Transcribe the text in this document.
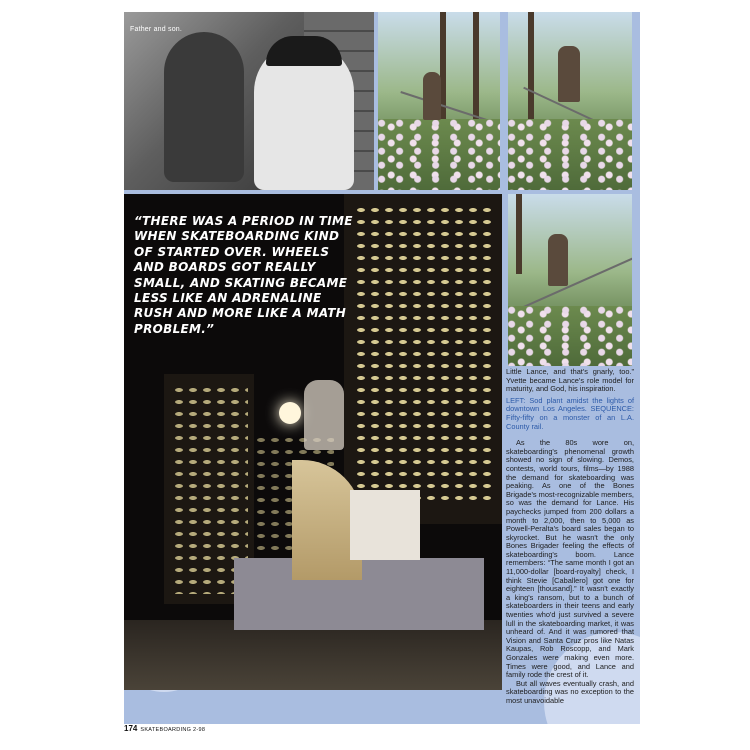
Father and son.
“THERE WAS A PERIOD IN TIME WHEN SKATEBOARDING KIND OF STARTED OVER. WHEELS AND BOARDS GOT REALLY SMALL, AND SKATING BECAME LESS LIKE AN ADRENALINE RUSH AND MORE LIKE A MATH PROBLEM.”

Little Lance, and that's gnarly, too.” Yvette became Lance's role model for maturity, and God, his inspiration.

LEFT: Sod plant amidst the lights of downtown Los Angeles. SEQUENCE: Fifty-fifty on a monster of an L.A. County rail.

As the 80s wore on, skateboarding's phenomenal growth showed no sign of slowing. Demos, contests, world tours, films—by 1988 the demand for skateboarding was peaking. As one of the Bones Brigade's most-recognizable members, so was the demand for Lance. His paychecks jumped from 200 dollars a month to 2,000, then to 5,000 as Powell-Peralta's board sales began to skyrocket. But he wasn't the only Bones Brigader feeling the effects of skateboarding's boom. Lance remembers: “The same month I got an 11,000-dollar [board-royalty] check, I think Stevie [Caballero] got one for eighteen [thousand].” It wasn't exactly a king's ransom, but to a bunch of skateboarders in their teens and early twenties who'd just survived a severe lull in the skateboarding market, it was unheard of. And it was rumored that Vision and Santa Cruz pros like Natas Kaupas, Rob Roscopp, and Mark Gonzales were making even more. Times were good, and Lance and family rode the crest of it.

But all waves eventually crash, and skateboarding was no exception to the most unavoidable

174 SKATEBOARDING 2-98
